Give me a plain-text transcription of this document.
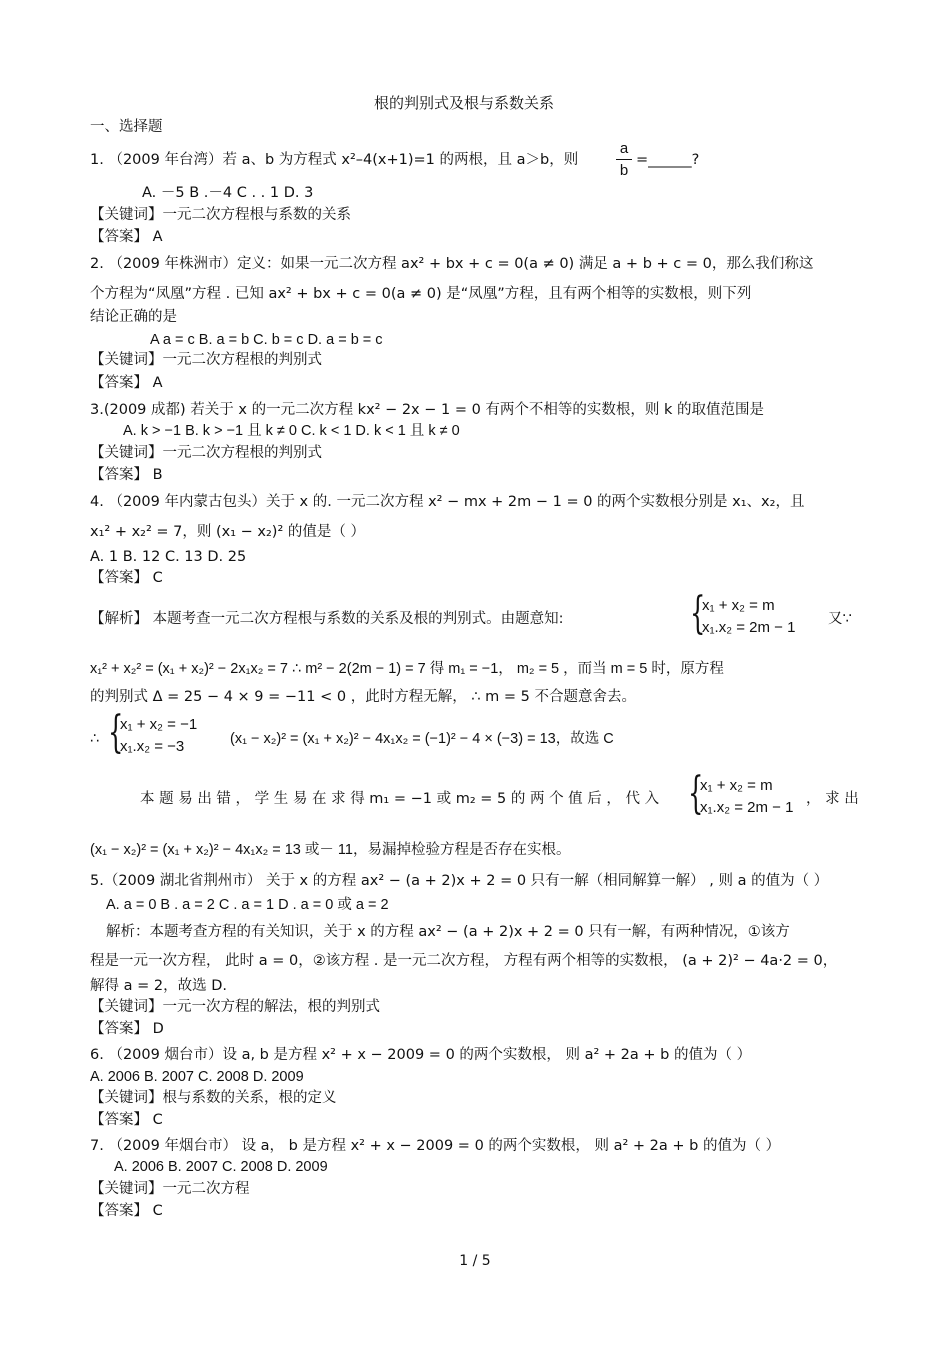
根的判别式及根与系数关系
一、选择题
1. （2009 年台湾）若 a、b 为方程式 x²–4(x+1)=1 的两根，且 a＞b，则
a
b
=______?
A. －5 B .－4 C . . 1 D. 3
【关键词】一元二次方程根与系数的关系
【答案】 A
2. （2009 年株洲市）定义：如果一元二次方程 ax² + bx + c = 0(a ≠ 0) 满足 a + b + c = 0，那么我们称这
个方程为“凤凰”方程 . 已知 ax² + bx + c = 0(a ≠ 0) 是“凤凰”方程，且有两个相等的实数根，则下列
结论正确的是
A a = c B. a = b C. b = c D. a = b = c
【关键词】一元二次方程根的判别式
【答案】 A
3.(2009 成都) 若关于 x 的一元二次方程 kx² − 2x − 1 = 0 有两个不相等的实数根，则 k 的取值范围是
A. k > −1 B. k > −1 且 k ≠ 0 C. k < 1 D. k < 1 且 k ≠ 0
【关键词】一元二次方程根的判别式
【答案】 B
4. （2009 年内蒙古包头）关于 x 的. 一元二次方程 x² − mx + 2m − 1 = 0 的两个实数根分别是 x₁、x₂，且
x₁² + x₂² = 7，则 (x₁ − x₂)² 的值是（ ）
A. 1 B. 12 C. 13 D. 25
【答案】 C
【解析】 本题考查一元二次方程根与系数的关系及根的判别式。由题意知:	{
x₁ + x₂ = m
x₁.x₂ = 2m − 1 又∵
x₁² + x₂² = (x₁ + x₂)² − 2x₁x₂ = 7 ∴ m² − 2(2m − 1) = 7 得 m₁ = −1， m₂ = 5 ，而当 m = 5 时，原方程
的判别式 Δ = 25 − 4 × 9 = −11 < 0 ，此时方程无解， ∴ m = 5 不合题意舍去。
∴ {
x₁ + x₂ = −1
x₁.x₂ = −3	(x₁ − x₂)² = (x₁ + x₂)² − 4x₁x₂ = (−1)² − 4 × (−3) = 13，故选 C
本 题 易 出 错 ， 学 生 易 在 求 得 m₁ = −1 或 m₂ = 5 的 两 个 值 后 ， 代 入 {
x₁ + x₂ = m
x₁.x₂ = 2m − 1 ， 求 出
(x₁ − x₂)² = (x₁ + x₂)² − 4x₁x₂ = 13 或－ 11，易漏掉检验方程是否存在实根。
5.（2009 湖北省荆州市） 关于 x 的方程 ax² − (a + 2)x + 2 = 0 只有一解（相同解算一解） , 则 a 的值为（ ）
A. a = 0 B . a = 2 C . a = 1 D . a = 0 或 a = 2
解析：本题考查方程的有关知识，关于 x 的方程 ax² − (a + 2)x + 2 = 0 只有一解，有两种情况，①该方
程是一元一次方程， 此时 a = 0，②该方程 . 是一元二次方程， 方程有两个相等的实数根， (a + 2)² − 4a⋅2 = 0，
解得 a = 2，故选 D.
【关键词】一元一次方程的解法，根的判别式
【答案】 D
6. （2009 烟台市）设 a, b 是方程 x² + x − 2009 = 0 的两个实数根， 则 a² + 2a + b 的值为（ ）
A. 2006 B. 2007 C. 2008 D. 2009
【关键词】根与系数的关系，根的定义
【答案】 C
7. （2009 年烟台市） 设 a， b 是方程 x² + x − 2009 = 0 的两个实数根， 则 a² + 2a + b 的值为（ ）
A. 2006 B. 2007 C. 2008 D. 2009
【关键词】一元二次方程
【答案】 C
1 / 5
